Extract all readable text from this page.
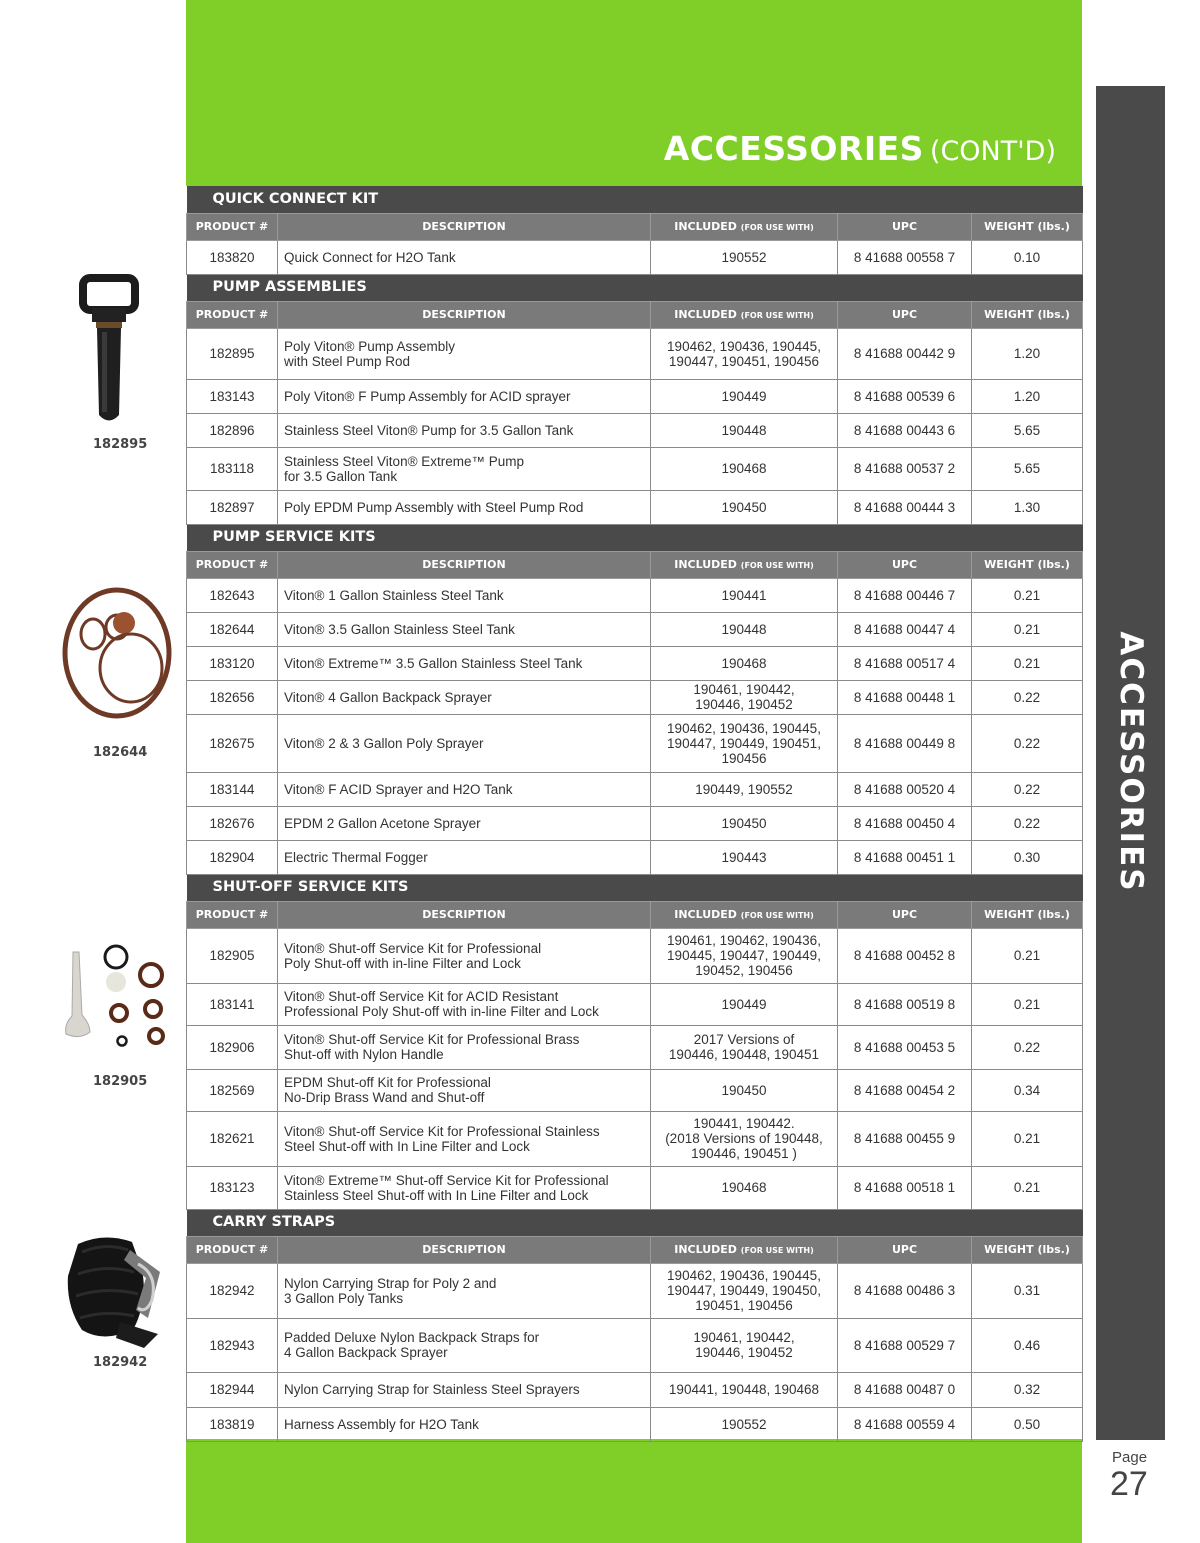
ACCESSORIES (CONT'D)
ACCESSORIES
Page
27
QUICK CONNECT KIT				
PRODUCT #	DESCRIPTION	INCLUDED (FOR USE WITH)	UPC	WEIGHT (lbs.)
183820	Quick Connect for H2O Tank	190552	8 41688 00558 7	0.10
PUMP ASSEMBLIES				
PRODUCT #	DESCRIPTION	INCLUDED (FOR USE WITH)	UPC	WEIGHT (lbs.)
182895	Poly Viton® Pump Assembly
with Steel Pump Rod	190462, 190436, 190445,
190447, 190451, 190456	8 41688 00442 9	1.20
183143	Poly Viton® F Pump Assembly for ACID sprayer	190449	8 41688 00539 6	1.20
182896	Stainless Steel Viton® Pump for 3.5 Gallon Tank	190448	8 41688 00443 6	5.65
183118	Stainless Steel Viton® Extreme™ Pump
for 3.5 Gallon Tank	190468	8 41688 00537 2	5.65
182897	Poly EPDM Pump Assembly with Steel Pump Rod	190450	8 41688 00444 3	1.30
PUMP SERVICE KITS				
PRODUCT #	DESCRIPTION	INCLUDED (FOR USE WITH)	UPC	WEIGHT (lbs.)
182643	Viton® 1 Gallon Stainless Steel Tank	190441	8 41688 00446 7	0.21
182644	Viton® 3.5 Gallon Stainless Steel Tank	190448	8 41688 00447 4	0.21
183120	Viton® Extreme™ 3.5 Gallon Stainless Steel Tank	190468	8 41688 00517 4	0.21
182656	Viton® 4 Gallon Backpack Sprayer	190461, 190442,
190446, 190452	8 41688 00448 1	0.22
182675	Viton® 2 & 3 Gallon Poly Sprayer	190462, 190436, 190445,
190447, 190449, 190451,
190456	8 41688 00449 8	0.22
183144	Viton® F ACID Sprayer and H2O Tank	190449, 190552	8 41688 00520 4	0.22
182676	EPDM 2 Gallon Acetone Sprayer	190450	8 41688 00450 4	0.22
182904	Electric Thermal Fogger	190443	8 41688 00451 1	0.30
SHUT-OFF SERVICE KITS				
PRODUCT #	DESCRIPTION	INCLUDED (FOR USE WITH)	UPC	WEIGHT (lbs.)
182905	Viton® Shut-off Service Kit for Professional
Poly Shut-off with in-line Filter and Lock	190461, 190462, 190436,
190445, 190447, 190449,
190452, 190456	8 41688 00452 8	0.21
183141	Viton® Shut-off Service Kit for ACID Resistant
Professional Poly Shut-off with in-line Filter and Lock	190449	8 41688 00519 8	0.21
182906	Viton® Shut-off Service Kit for Professional Brass
Shut-off with Nylon Handle	2017 Versions of
190446, 190448, 190451	8 41688 00453 5	0.22
182569	EPDM Shut-off Kit for Professional
No-Drip Brass Wand and Shut-off	190450	8 41688 00454 2	0.34
182621	Viton® Shut-off Service Kit for Professional Stainless
Steel Shut-off with In Line Filter and Lock	190441, 190442.
(2018 Versions of 190448,
190446, 190451 )	8 41688 00455 9	0.21
183123	Viton® Extreme™ Shut-off Service Kit for Professional
Stainless Steel Shut-off with In Line Filter and Lock	190468	8 41688 00518 1	0.21
CARRY STRAPS				
PRODUCT #	DESCRIPTION	INCLUDED (FOR USE WITH)	UPC	WEIGHT (lbs.)
182942	Nylon Carrying Strap for Poly 2 and
3 Gallon Poly Tanks	190462, 190436, 190445,
190447, 190449, 190450,
190451, 190456	8 41688 00486 3	0.31
182943	Padded Deluxe Nylon Backpack Straps for
4 Gallon Backpack Sprayer	190461, 190442,
190446, 190452	8 41688 00529 7	0.46
182944	Nylon Carrying Strap for Stainless Steel Sprayers	190441, 190448, 190468	8 41688 00487 0	0.32
183819	Harness Assembly for H2O Tank	190552	8 41688 00559 4	0.50
182895
182644
182905
182942
